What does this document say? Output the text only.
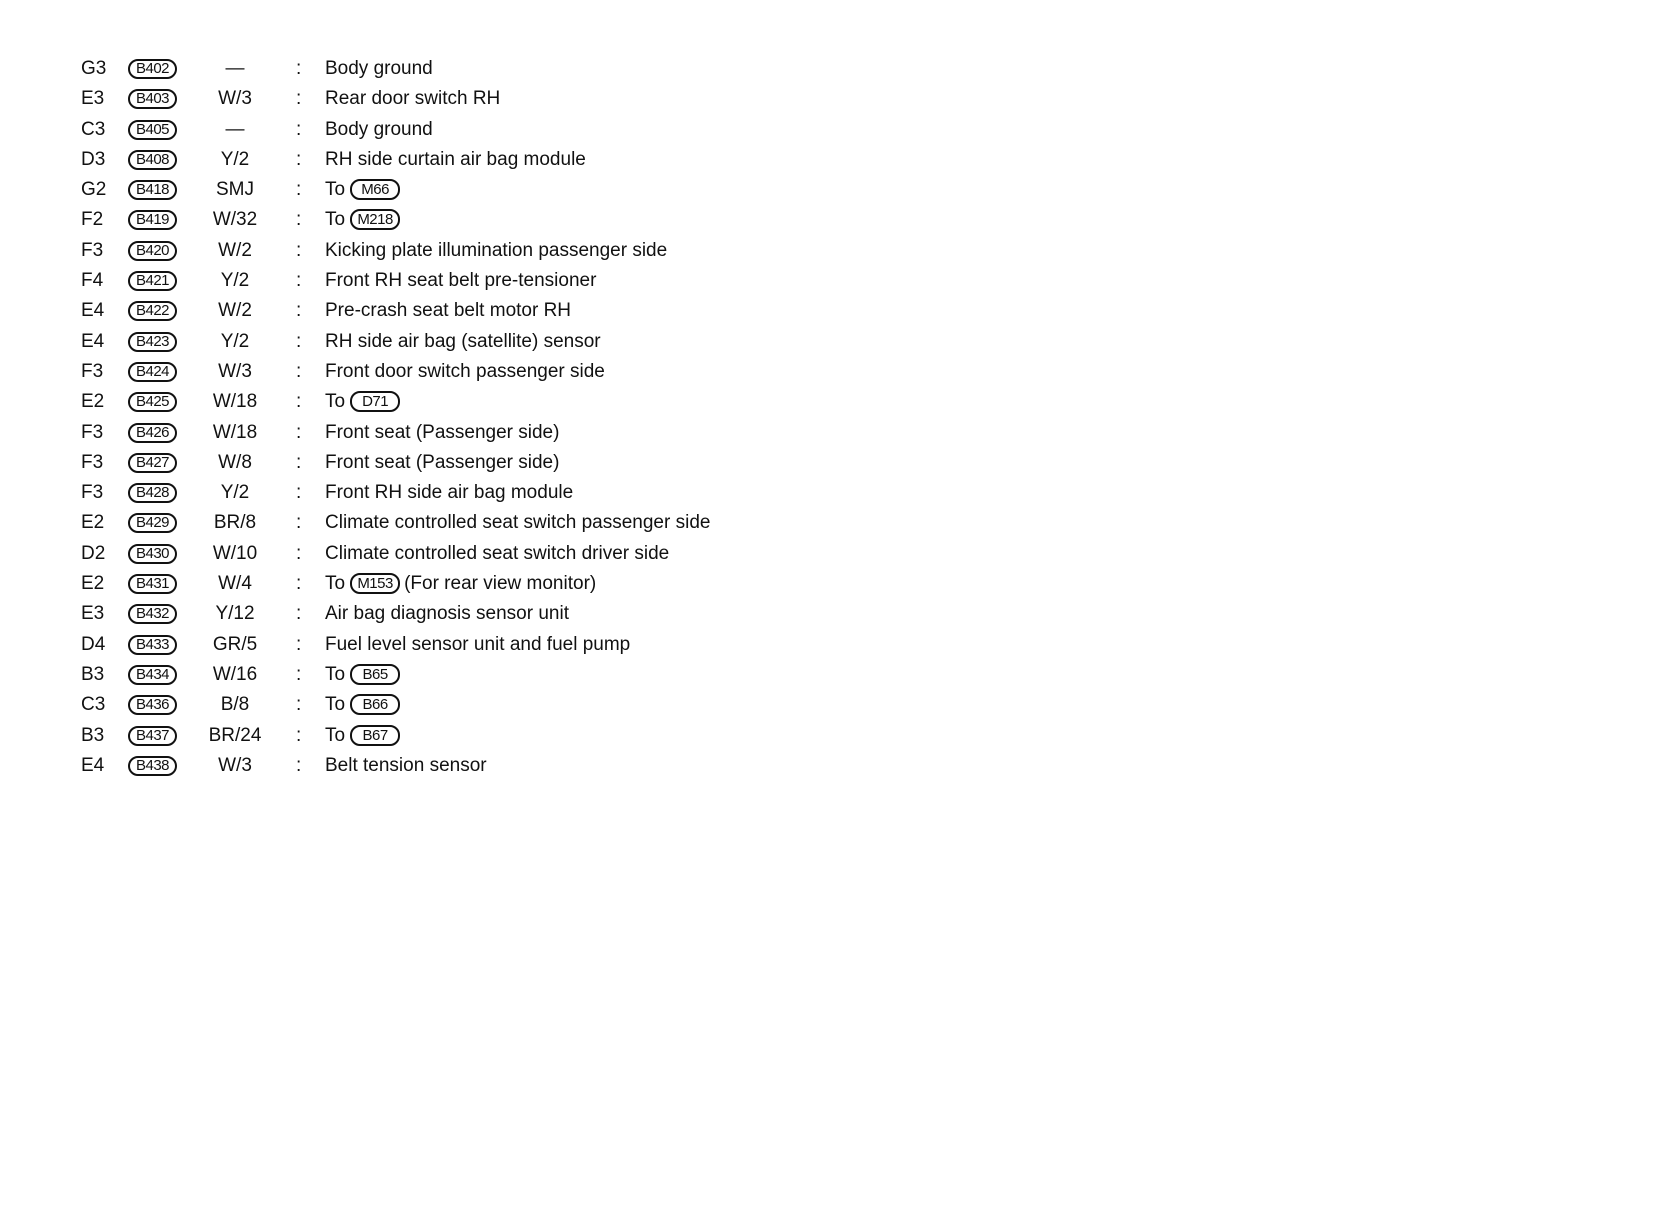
G3	B402	—	: Body ground
E3	B403	W/3	: Rear door switch RH
C3	B405	—	: Body ground
D3	B408	Y/2	: RH side curtain air bag module
G2	B418	SMJ	: To M66
F2	B419	W/32	: To M218
F3	B420	W/2	: Kicking plate illumination passenger side
F4	B421	Y/2	: Front RH seat belt pre-tensioner
E4	B422	W/2	: Pre-crash seat belt motor RH
E4	B423	Y/2	: RH side air bag (satellite) sensor
F3	B424	W/3	: Front door switch passenger side
E2	B425	W/18	: To D71
F3	B426	W/18	: Front seat (Passenger side)
F3	B427	W/8	: Front seat (Passenger side)
F3	B428	Y/2	: Front RH side air bag module
E2	B429	BR/8	: Climate controlled seat switch passenger side
D2	B430	W/10	: Climate controlled seat switch driver side
E2	B431	W/4	: To M153 (For rear view monitor)
E3	B432	Y/12	: Air bag diagnosis sensor unit
D4	B433	GR/5	: Fuel level sensor unit and fuel pump
B3	B434	W/16	: To B65
C3	B436	B/8	: To B66
B3	B437	BR/24	: To B67
E4	B438	W/3	: Belt tension sensor
